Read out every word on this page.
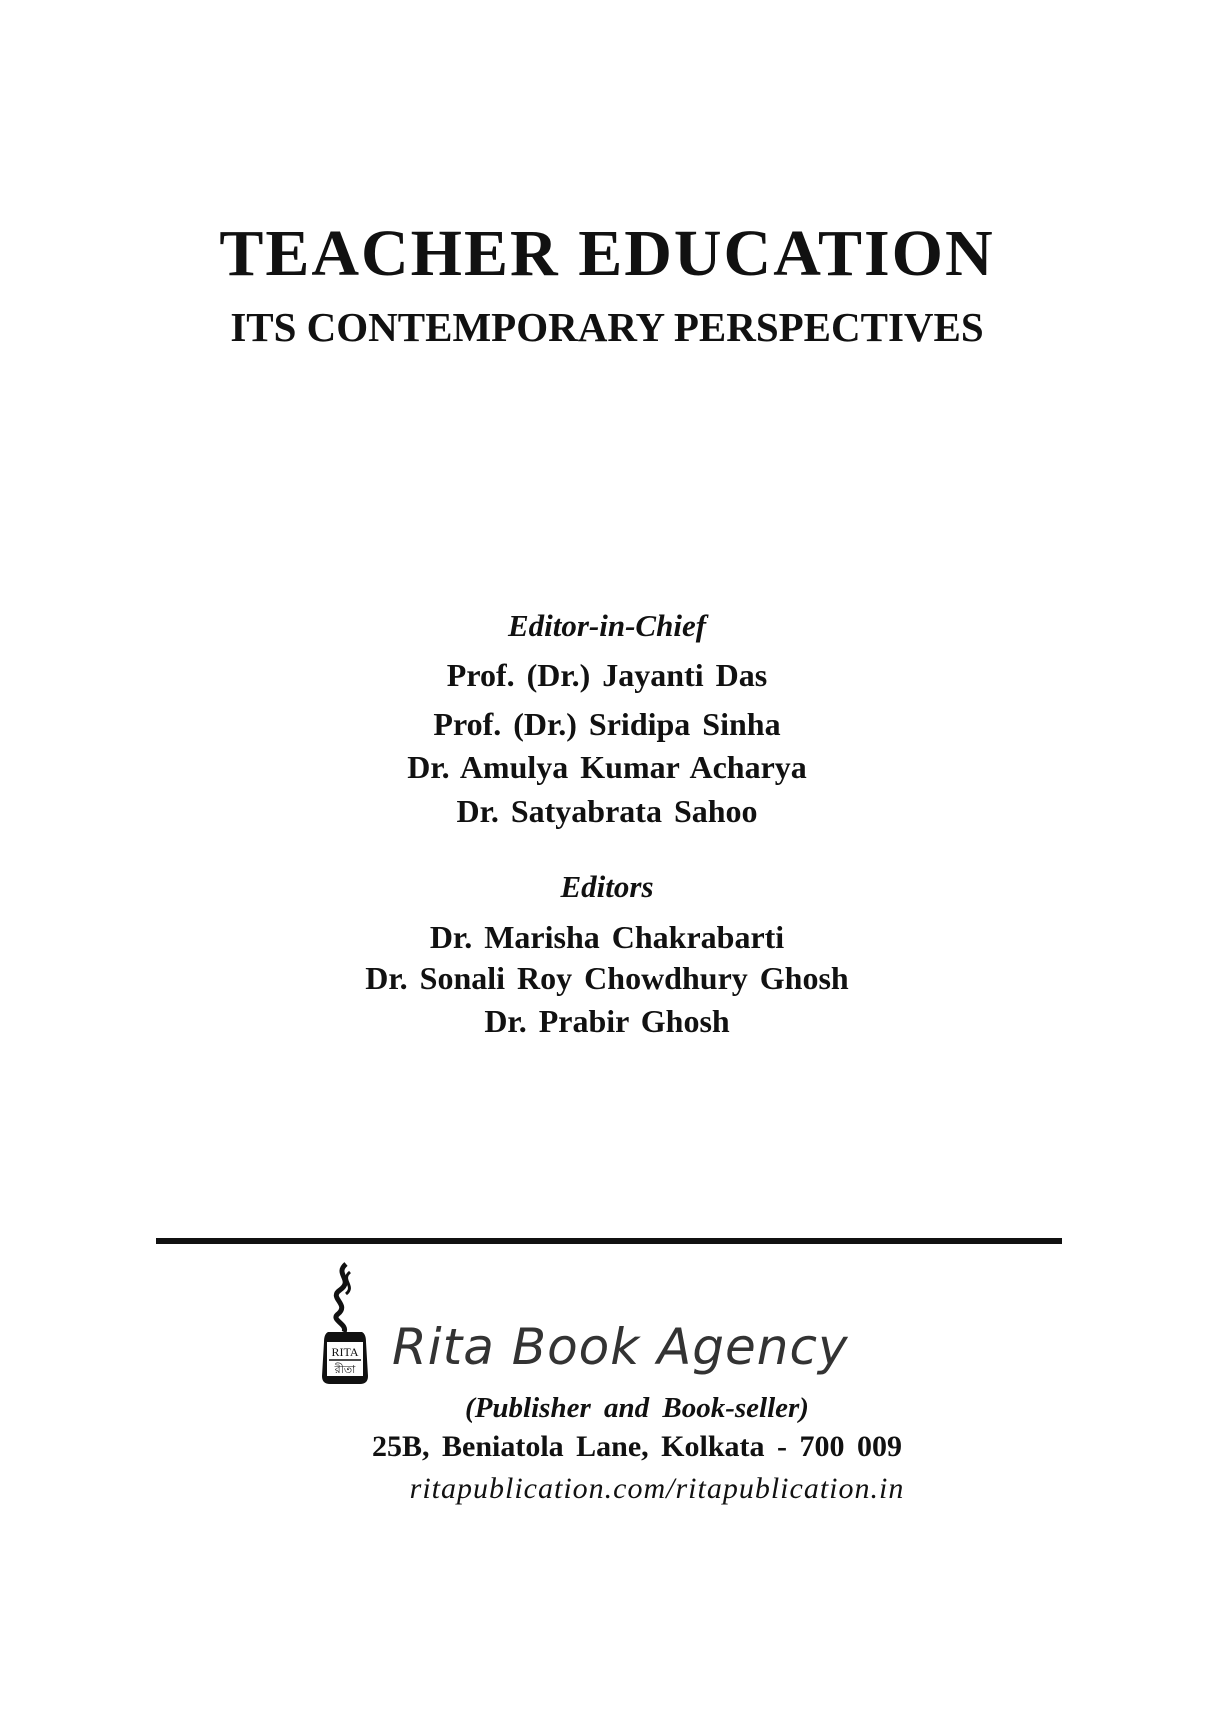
TEACHER EDUCATION
ITS CONTEMPORARY PERSPECTIVES
Editor-in-Chief
Prof. (Dr.) Jayanti Das
Prof. (Dr.) Sridipa Sinha
Dr. Amulya Kumar Acharya
Dr. Satyabrata Sahoo
Editors
Dr. Marisha Chakrabarti
Dr. Sonali Roy Chowdhury Ghosh
Dr. Prabir Ghosh
RITA
রীতা Rita Book Agency
(Publisher and Book-seller)
25B, Beniatola Lane, Kolkata - 700 009
ritapublication.com/ritapublication.in
